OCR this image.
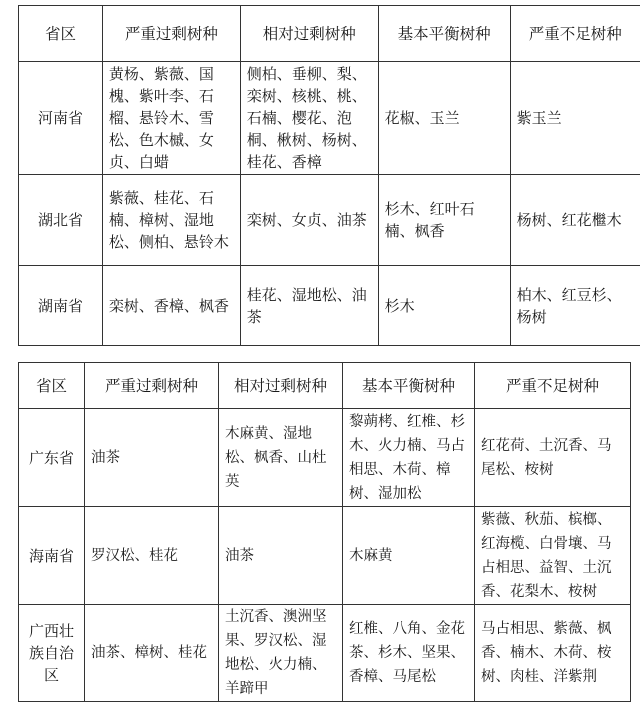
省区	严重过剩树种	相对过剩树种	基本平衡树种	严重不足树种
河南省	黄杨、紫薇、国槐、紫叶李、石榴、悬铃木、雪松、色木槭、女贞、白蜡	侧柏、垂柳、梨、栾树、核桃、桃、石楠、樱花、泡桐、楸树、杨树、桂花、香樟	花椒、玉兰	紫玉兰
湖北省	紫薇、桂花、石楠、樟树、湿地松、侧柏、悬铃木	栾树、女贞、油茶	杉木、红叶石楠、枫香	杨树、红花檵木
湖南省	栾树、香樟、枫香	桂花、湿地松、油茶	杉木	柏木、红豆杉、杨树
省区	严重过剩树种	相对过剩树种	基本平衡树种	严重不足树种
广东省	油茶	木麻黄、湿地松、枫香、山杜英	黎蒴栲、红椎、杉木、火力楠、马占相思、木荷、樟树、湿加松	红花荷、土沉香、马尾松、桉树
海南省	罗汉松、桂花	油茶	木麻黄	紫薇、秋茄、槟榔、红海榄、白骨壤、马占相思、益智、土沉香、花梨木、桉树
广西壮族自治区	油茶、樟树、桂花	土沉香、澳洲坚果、罗汉松、湿地松、火力楠、羊蹄甲	红椎、八角、金花茶、杉木、坚果、香樟、马尾松	马占相思、紫薇、枫香、楠木、木荷、桉树、肉桂、洋紫荆
